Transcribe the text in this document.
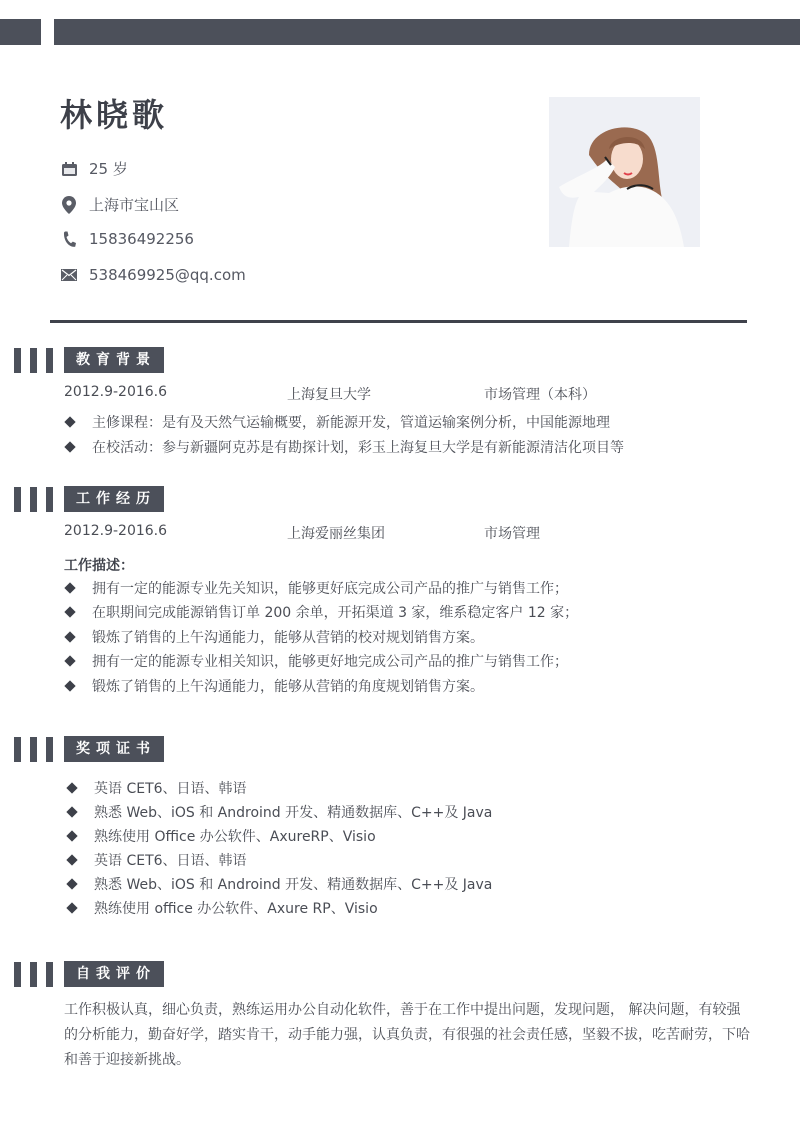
林晓歌
25 岁
上海市宝山区
15836492256
538469925@qq.com
教育背景
2012.9-2016.6	上海复旦大学	市场管理（本科）
主修课程：是有及天然气运输概要，新能源开发，管道运输案例分析，中国能源地理
在校活动：参与新疆阿克苏是有勘探计划，彩玉上海复旦大学是有新能源清洁化项目等
工作经历
2012.9-2016.6	上海爱丽丝集团	市场管理
工作描述：
拥有一定的能源专业先关知识，能够更好底完成公司产品的推广与销售工作；
在职期间完成能源销售订单 200 余单，开拓渠道 3 家，维系稳定客户 12 家；
锻炼了销售的上午沟通能力，能够从营销的校对规划销售方案。
拥有一定的能源专业相关知识，能够更好地完成公司产品的推广与销售工作；
锻炼了销售的上午沟通能力，能够从营销的角度规划销售方案。
奖项证书
英语 CET6、日语、韩语
熟悉 Web、iOS 和 Androind 开发、精通数据库、C++及 Java
熟练使用 Office 办公软件、AxureRP、Visio
英语 CET6、日语、韩语
熟悉 Web、iOS 和 Androind 开发、精通数据库、C++及 Java
熟练使用 office 办公软件、Axure RP、Visio
自我评价
工作积极认真，细心负责，熟练运用办公自动化软件，善于在工作中提出问题，发现问题， 解决问题，有较强的分析能力，勤奋好学，踏实肯干，动手能力强，认真负责，有很强的社会责任感，坚毅不拔，吃苦耐劳，下哈和善于迎接新挑战。
